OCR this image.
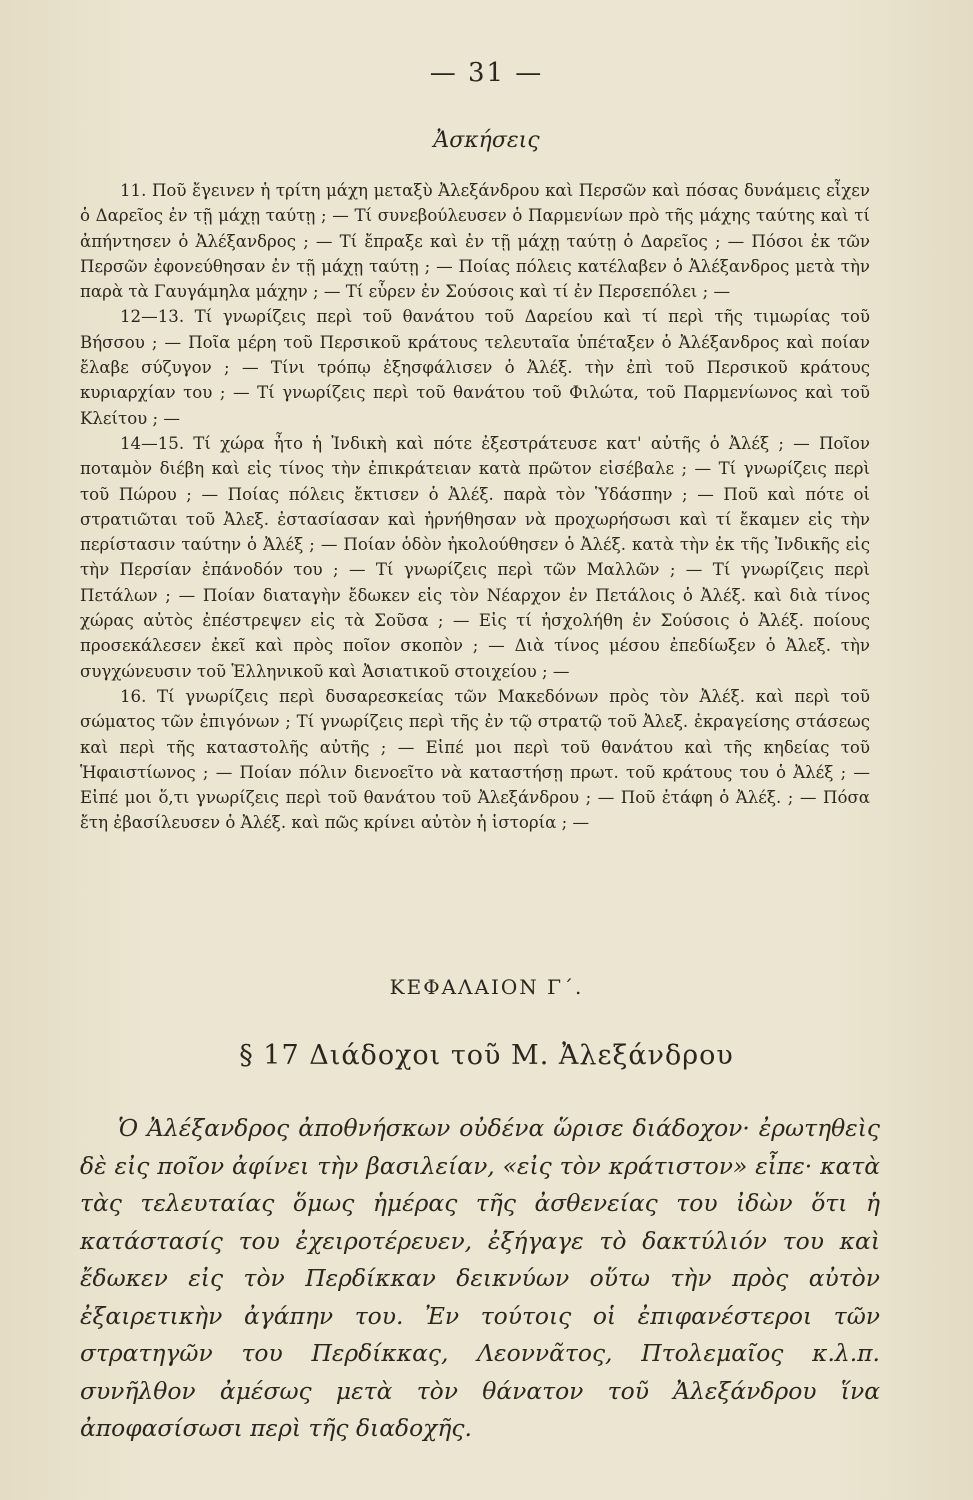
— 31 —
Ἀσκήσεις

11. Ποῦ ἔγεινεν ἡ τρίτη μάχη μεταξὺ Ἀλεξάνδρου καὶ Περσῶν καὶ πόσας δυνάμεις εἶχεν ὁ Δαρεῖος ἐν τῇ μάχῃ ταύτῃ ; — Τί συνεβούλευσεν ὁ Παρμενίων πρὸ τῆς μάχης ταύτης καὶ τί ἀπήντησεν ὁ Ἀλέξανδρος ; — Τί ἔπραξε καὶ ἐν τῇ μάχῃ ταύτῃ ὁ Δαρεῖος ; — Πόσοι ἐκ τῶν Περσῶν ἐφονεύθησαν ἐν τῇ μάχῃ ταύτῃ ; — Ποίας πόλεις κατέλαβεν ὁ Ἀλέξανδρος μετὰ τὴν παρὰ τὰ Γαυγάμηλα μάχην ; — Τί εὗρεν ἐν Σούσοις καὶ τί ἐν Περσεπόλει ; —

12—13. Τί γνωρίζεις περὶ τοῦ θανάτου τοῦ Δαρείου καὶ τί περὶ τῆς τιμωρίας τοῦ Βήσσου ; — Ποῖα μέρη τοῦ Περσικοῦ κράτους τελευταῖα ὑπέταξεν ὁ Ἀλέξανδρος καὶ ποίαν ἔλαβε σύζυγον ; — Τίνι τρόπῳ ἐξησφάλισεν ὁ Ἀλέξ. τὴν ἐπὶ τοῦ Περσικοῦ κράτους κυριαρχίαν του ; — Τί γνωρίζεις περὶ τοῦ θανάτου τοῦ Φιλώτα, τοῦ Παρμενίωνος καὶ τοῦ Κλείτου ; —

14—15. Τί χώρα ἦτο ἡ Ἰνδικὴ καὶ πότε ἐξεστράτευσε κατ' αὐτῆς ὁ Ἀλέξ ; — Ποῖον ποταμὸν διέβη καὶ εἰς τίνος τὴν ἐπικράτειαν κατὰ πρῶτον εἰσέβαλε ; — Τί γνωρίζεις περὶ τοῦ Πώρου ; — Ποίας πόλεις ἔκτισεν ὁ Ἀλέξ. παρὰ τὸν Ὑδάσπην ; — Ποῦ καὶ πότε οἱ στρατιῶται τοῦ Ἀλεξ. ἐστασίασαν καὶ ἠρνήθησαν νὰ προχωρήσωσι καὶ τί ἔκαμεν εἰς τὴν περίστασιν ταύτην ὁ Ἀλέξ ; — Ποίαν ὁδὸν ἠκολούθησεν ὁ Ἀλέξ. κατὰ τὴν ἐκ τῆς Ἰνδικῆς εἰς τὴν Περσίαν ἐπάνοδόν του ; — Τί γνωρίζεις περὶ τῶν Μαλλῶν ; — Τί γνωρίζεις περὶ Πετάλων ; — Ποίαν διαταγὴν ἔδωκεν εἰς τὸν Νέαρχον ἐν Πετάλοις ὁ Ἀλέξ. καὶ διὰ τίνος χώρας αὐτὸς ἐπέστρεψεν εἰς τὰ Σοῦσα ; — Εἰς τί ἠσχολήθη ἐν Σούσοις ὁ Ἀλέξ. ποίους προσεκάλεσεν ἐκεῖ καὶ πρὸς ποῖον σκοπὸν ; — Διὰ τίνος μέσου ἐπεδίωξεν ὁ Ἀλεξ. τὴν συγχώνευσιν τοῦ Ἑλληνικοῦ καὶ Ἀσιατικοῦ στοιχείου ; —

16. Τί γνωρίζεις περὶ δυσαρεσκείας τῶν Μακεδόνων πρὸς τὸν Ἀλέξ. καὶ περὶ τοῦ σώματος τῶν ἐπιγόνων ; Τί γνωρίζεις περὶ τῆς ἐν τῷ στρατῷ τοῦ Ἀλεξ. ἐκραγείσης στάσεως καὶ περὶ τῆς καταστολῆς αὐτῆς ; — Εἰπέ μοι περὶ τοῦ θανάτου καὶ τῆς κηδείας τοῦ Ἡφαιστίωνος ; — Ποίαν πόλιν διενοεῖτο νὰ καταστήσῃ πρωτ. τοῦ κράτους του ὁ Ἀλέξ ; — Εἰπέ μοι ὅ,τι γνωρίζεις περὶ τοῦ θανάτου τοῦ Ἀλεξάνδρου ; — Ποῦ ἐτάφη ὁ Ἀλέξ. ; — Πόσα ἔτη ἐβασίλευσεν ὁ Ἀλέξ. καὶ πῶς κρίνει αὐτὸν ἡ ἱστορία ; —

ΚΕΦΑΛΑΙΟΝ Γ΄.
§ 17 Διάδοχοι τοῦ Μ. Ἀλεξάνδρου

Ὁ Ἀλέξανδρος ἀποθνήσκων οὐδένα ὥρισε διάδοχον· ἐρωτηθεὶς δὲ εἰς ποῖον ἀφίνει τὴν βασιλείαν, «εἰς τὸν κράτιστον» εἶπε· κατὰ τὰς τελευταίας ὅμως ἡμέρας τῆς ἀσθενείας του ἰδὼν ὅτι ἡ κατάστασίς του ἐχειροτέρευεν, ἐξήγαγε τὸ δακτύλιόν του καὶ ἔδωκεν εἰς τὸν Περδίκκαν δεικνύων οὕτω τὴν πρὸς αὐτὸν ἐξαιρετικὴν ἀγάπην του. Ἐν τούτοις οἱ ἐπιφανέστεροι τῶν στρατηγῶν του Περδίκκας, Λεοννᾶτος, Πτολεμαῖος κ.λ.π. συνῆλθον ἀμέσως μετὰ τὸν θάνατον τοῦ Ἀλεξάνδρου ἵνα ἀποφασίσωσι περὶ τῆς διαδοχῆς.
